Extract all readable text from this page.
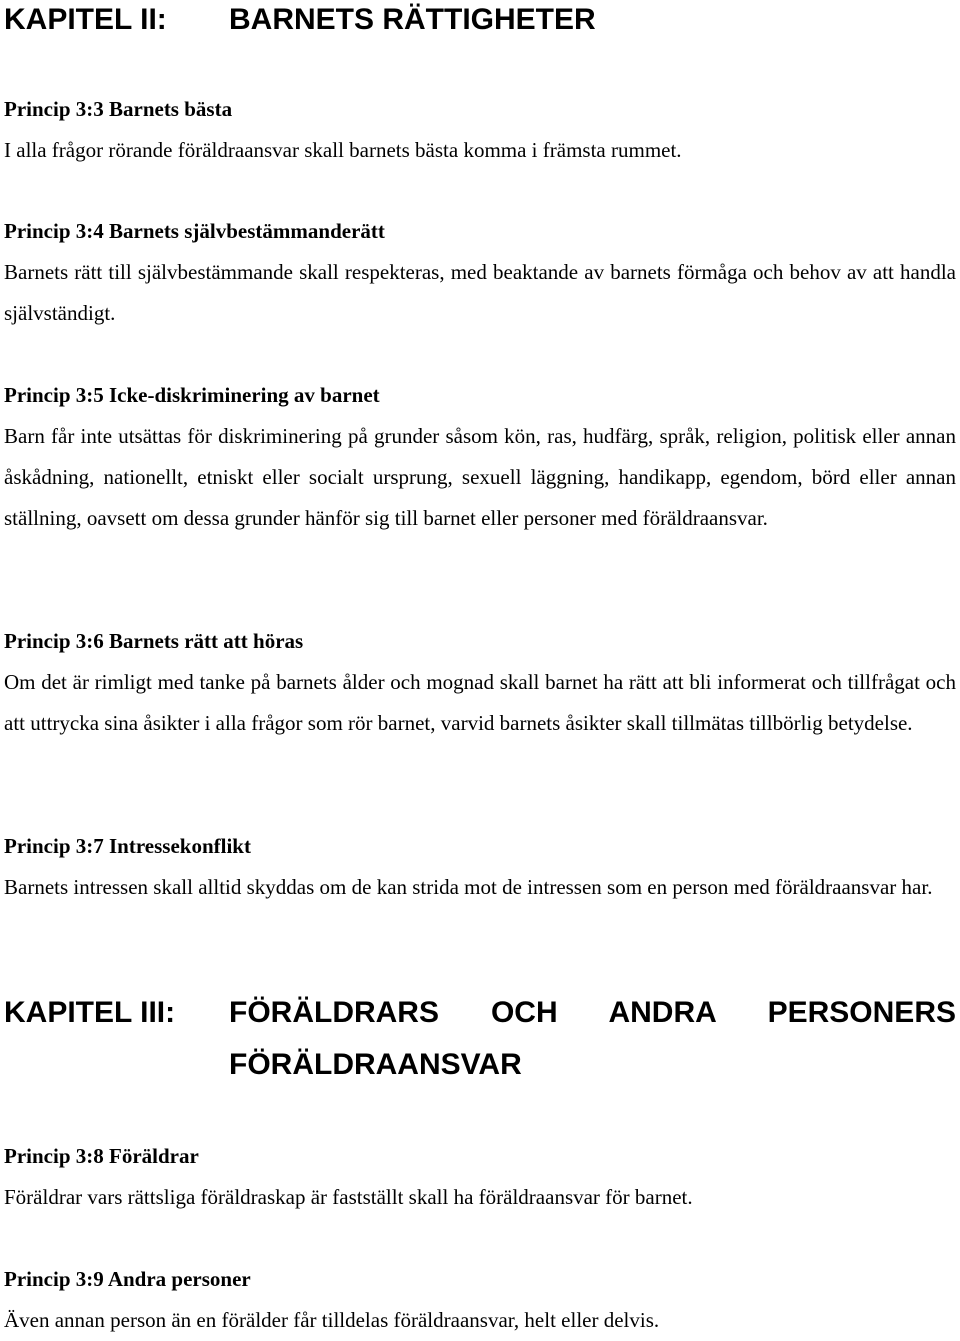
KAPITEL II: BARNETS RÄTTIGHETER
Princip 3:3 Barnets bästa

I alla frågor rörande föräldraansvar skall barnets bästa komma i främsta rummet.

Princip 3:4 Barnets självbestämmanderätt

Barnets rätt till självbestämmande skall respekteras, med beaktande av barnets förmåga och behov av att handla självständigt.

Princip 3:5 Icke-diskriminering av barnet

Barn får inte utsättas för diskriminering på grunder såsom kön, ras, hudfärg, språk, religion, politisk eller annan åskådning, nationellt, etniskt eller socialt ursprung, sexuell läggning, handikapp, egendom, börd eller annan ställning, oavsett om dessa grunder hänför sig till barnet eller personer med föräldraansvar.

Princip 3:6 Barnets rätt att höras

Om det är rimligt med tanke på barnets ålder och mognad skall barnet ha rätt att bli informerat och tillfrågat och att uttrycka sina åsikter i alla frågor som rör barnet, varvid barnets åsikter skall tillmätas tillbörlig betydelse.

Princip 3:7 Intressekonflikt

Barnets intressen skall alltid skyddas om de kan strida mot de intressen som en person med föräldraansvar har.

KAPITEL III: FÖRÄLDRARS OCH ANDRA PERSONERS
FÖRÄLDRAANSVAR
Princip 3:8 Föräldrar

Föräldrar vars rättsliga föräldraskap är fastställt skall ha föräldraansvar för barnet.

Princip 3:9 Andra personer

Även annan person än en förälder får tilldelas föräldraansvar, helt eller delvis.
